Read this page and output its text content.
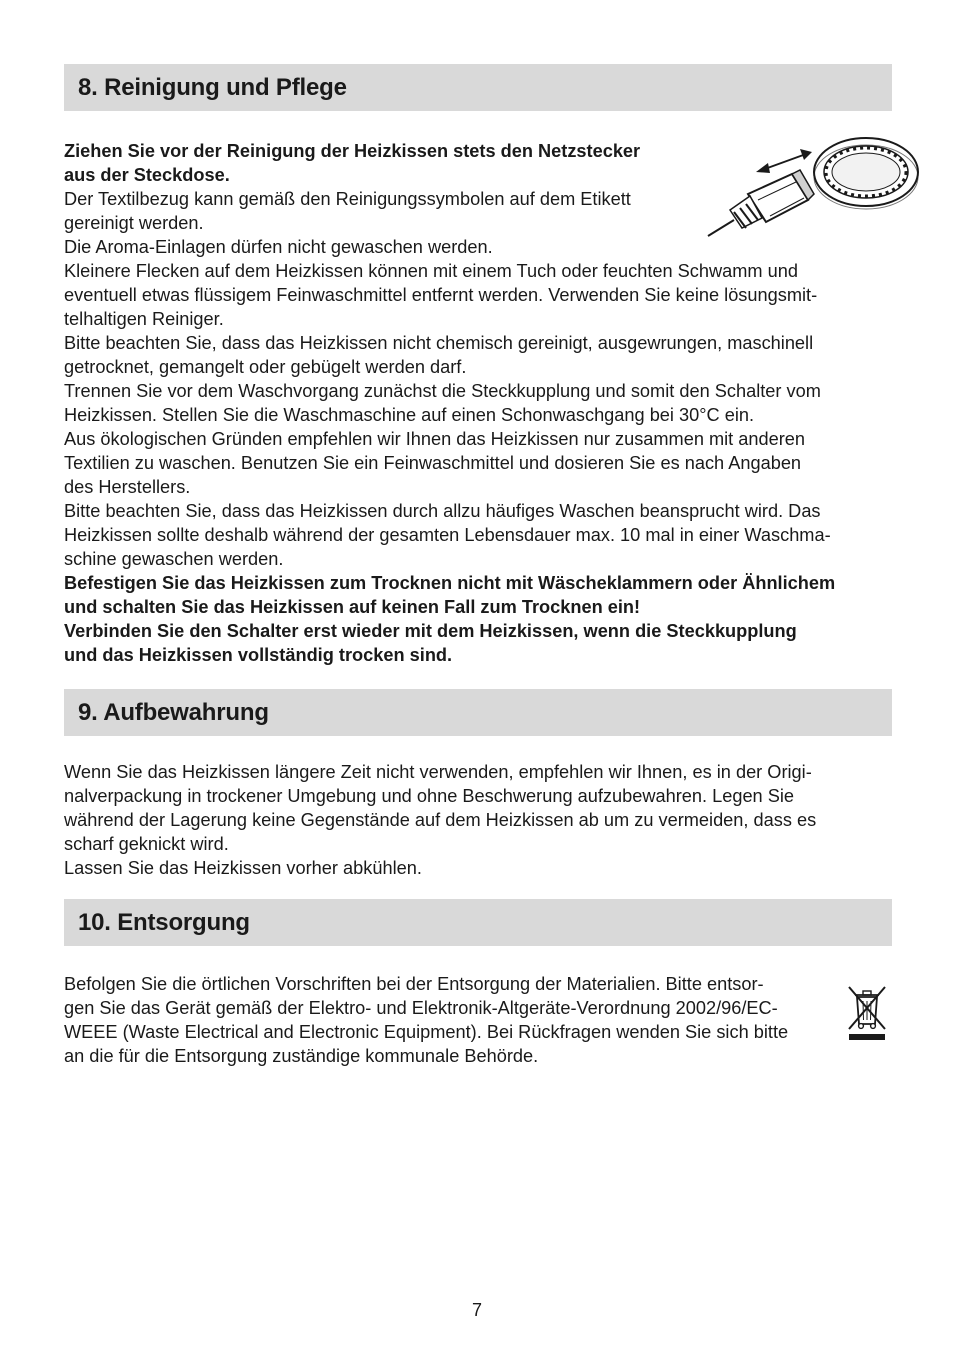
8. Reinigung und Pflege
Ziehen Sie vor der Reinigung der Heizkissen stets den Netzstecker
aus der Steckdose.
Der Textilbezug kann gemäß den Reinigungssymbolen auf dem Etikett
gereinigt werden.
Die Aroma-Einlagen dürfen nicht gewaschen werden.
Kleinere Flecken auf dem Heizkissen können mit einem Tuch oder feuchten Schwamm und
eventuell etwas flüssigem Feinwaschmittel entfernt werden. Verwenden Sie keine lösungsmit-
telhaltigen Reiniger.
Bitte beachten Sie, dass das Heizkissen nicht chemisch gereinigt, ausgewrungen, maschinell
getrocknet, gemangelt oder gebügelt werden darf.
Trennen Sie vor dem Waschvorgang zunächst die Steckkupplung und somit den Schalter vom
Heizkissen. Stellen Sie die Waschmaschine auf einen Schonwaschgang bei 30°C ein.
Aus ökologischen Gründen empfehlen wir Ihnen das Heizkissen nur zusammen mit anderen
Textilien zu waschen. Benutzen Sie ein Feinwaschmittel und dosieren Sie es nach Angaben
des Herstellers.
Bitte beachten Sie, dass das Heizkissen durch allzu häufiges Waschen beansprucht wird. Das
Heizkissen sollte deshalb während der gesamten Lebensdauer max. 10 mal in einer Waschma-
schine gewaschen werden.
Befestigen Sie das Heizkissen zum Trocknen nicht mit Wäscheklammern oder Ähnlichem
und schalten Sie das Heizkissen auf keinen Fall zum Trocknen ein!
Verbinden Sie den Schalter erst wieder mit dem Heizkissen, wenn die Steckkupplung
und das Heizkissen vollständig trocken sind.
9. Aufbewahrung
Wenn Sie das Heizkissen längere Zeit nicht verwenden, empfehlen wir Ihnen, es in der Origi-
nalverpackung in trockener Umgebung und ohne Beschwerung aufzubewahren. Legen Sie
während der Lagerung keine Gegenstände auf dem Heizkissen ab um zu vermeiden, dass es
scharf geknickt wird.
Lassen Sie das Heizkissen vorher abkühlen.
10. Entsorgung
Befolgen Sie die örtlichen Vorschriften bei der Entsorgung der Materialien. Bitte entsor-
gen Sie das Gerät gemäß der Elektro- und Elektronik-Altgeräte-Verordnung 2002/96/EC-
WEEE (Waste Electrical and Electronic Equipment). Bei Rückfragen wenden Sie sich bitte
an die für die Entsorgung zuständige kommunale Behörde.
7
